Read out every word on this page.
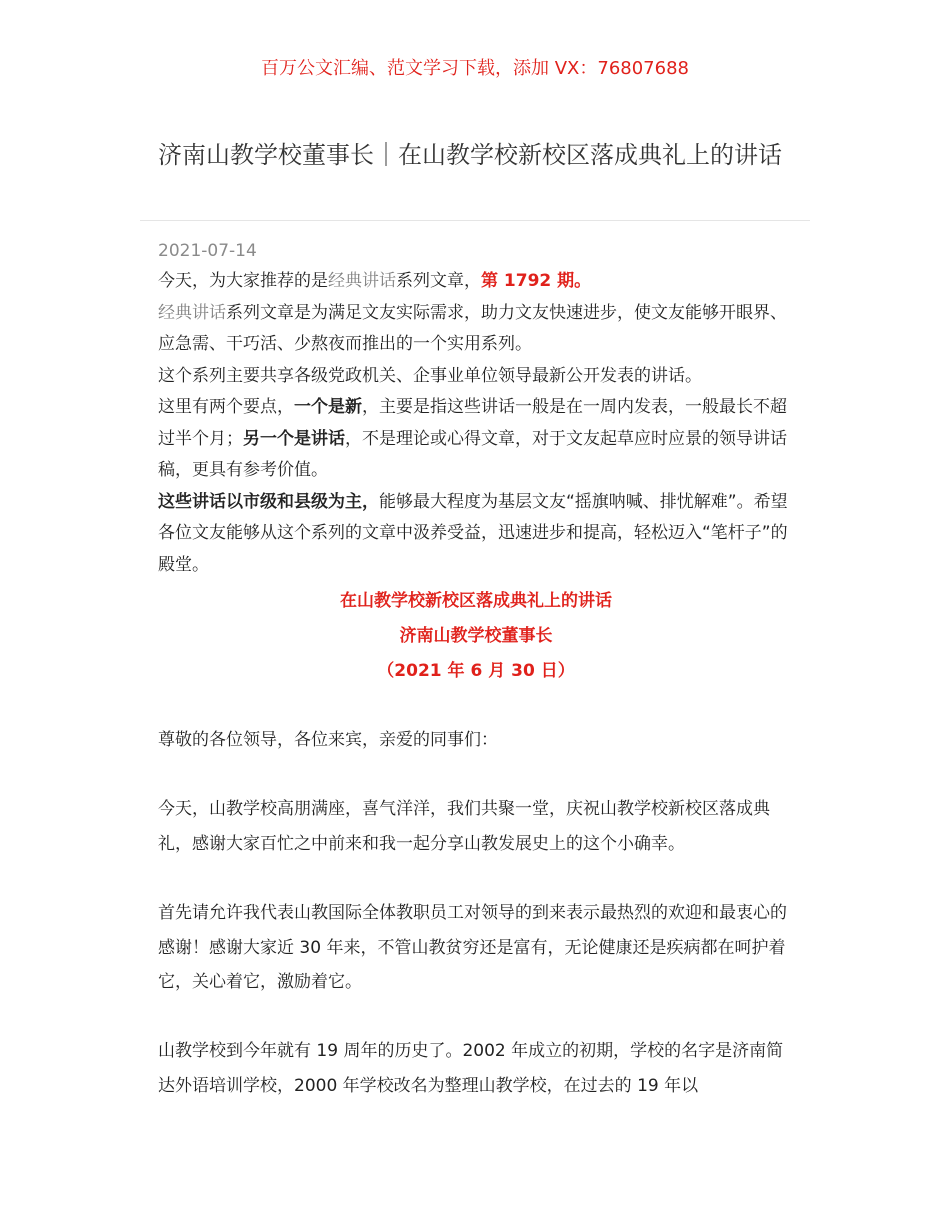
百万公文汇编、范文学习下载，添加 VX：76807688
济南山教学校董事长｜在山教学校新校区落成典礼上的讲话
2021-07-14

今天，为大家推荐的是经典讲话系列文章，第 1792 期。

经典讲话系列文章是为满足文友实际需求，助力文友快速进步，使文友能够开眼界、应急需、干巧活、少熬夜而推出的一个实用系列。

这个系列主要共享各级党政机关、企事业单位领导最新公开发表的讲话。

这里有两个要点，一个是新，主要是指这些讲话一般是在一周内发表，一般最长不超过半个月；另一个是讲话，不是理论或心得文章，对于文友起草应时应景的领导讲话稿，更具有参考价值。

这些讲话以市级和县级为主，能够最大程度为基层文友“摇旗呐喊、排忧解难”。希望各位文友能够从这个系列的文章中汲养受益，迅速进步和提高，轻松迈入“笔杆子”的殿堂。

在山教学校新校区落成典礼上的讲话
济南山教学校董事长
（2021 年 6 月 30 日）

尊敬的各位领导，各位来宾，亲爱的同事们：

今天，山教学校高朋满座，喜气洋洋，我们共聚一堂，庆祝山教学校新校区落成典礼，感谢大家百忙之中前来和我一起分享山教发展史上的这个小确幸。

首先请允许我代表山教国际全体教职员工对领导的到来表示最热烈的欢迎和最衷心的感谢！感谢大家近 30 年来，不管山教贫穷还是富有，无论健康还是疾病都在呵护着它，关心着它，激励着它。

山教学校到今年就有 19 周年的历史了。2002 年成立的初期，学校的名字是济南简达外语培训学校，2000 年学校改名为整理山教学校，在过去的 19 年以
